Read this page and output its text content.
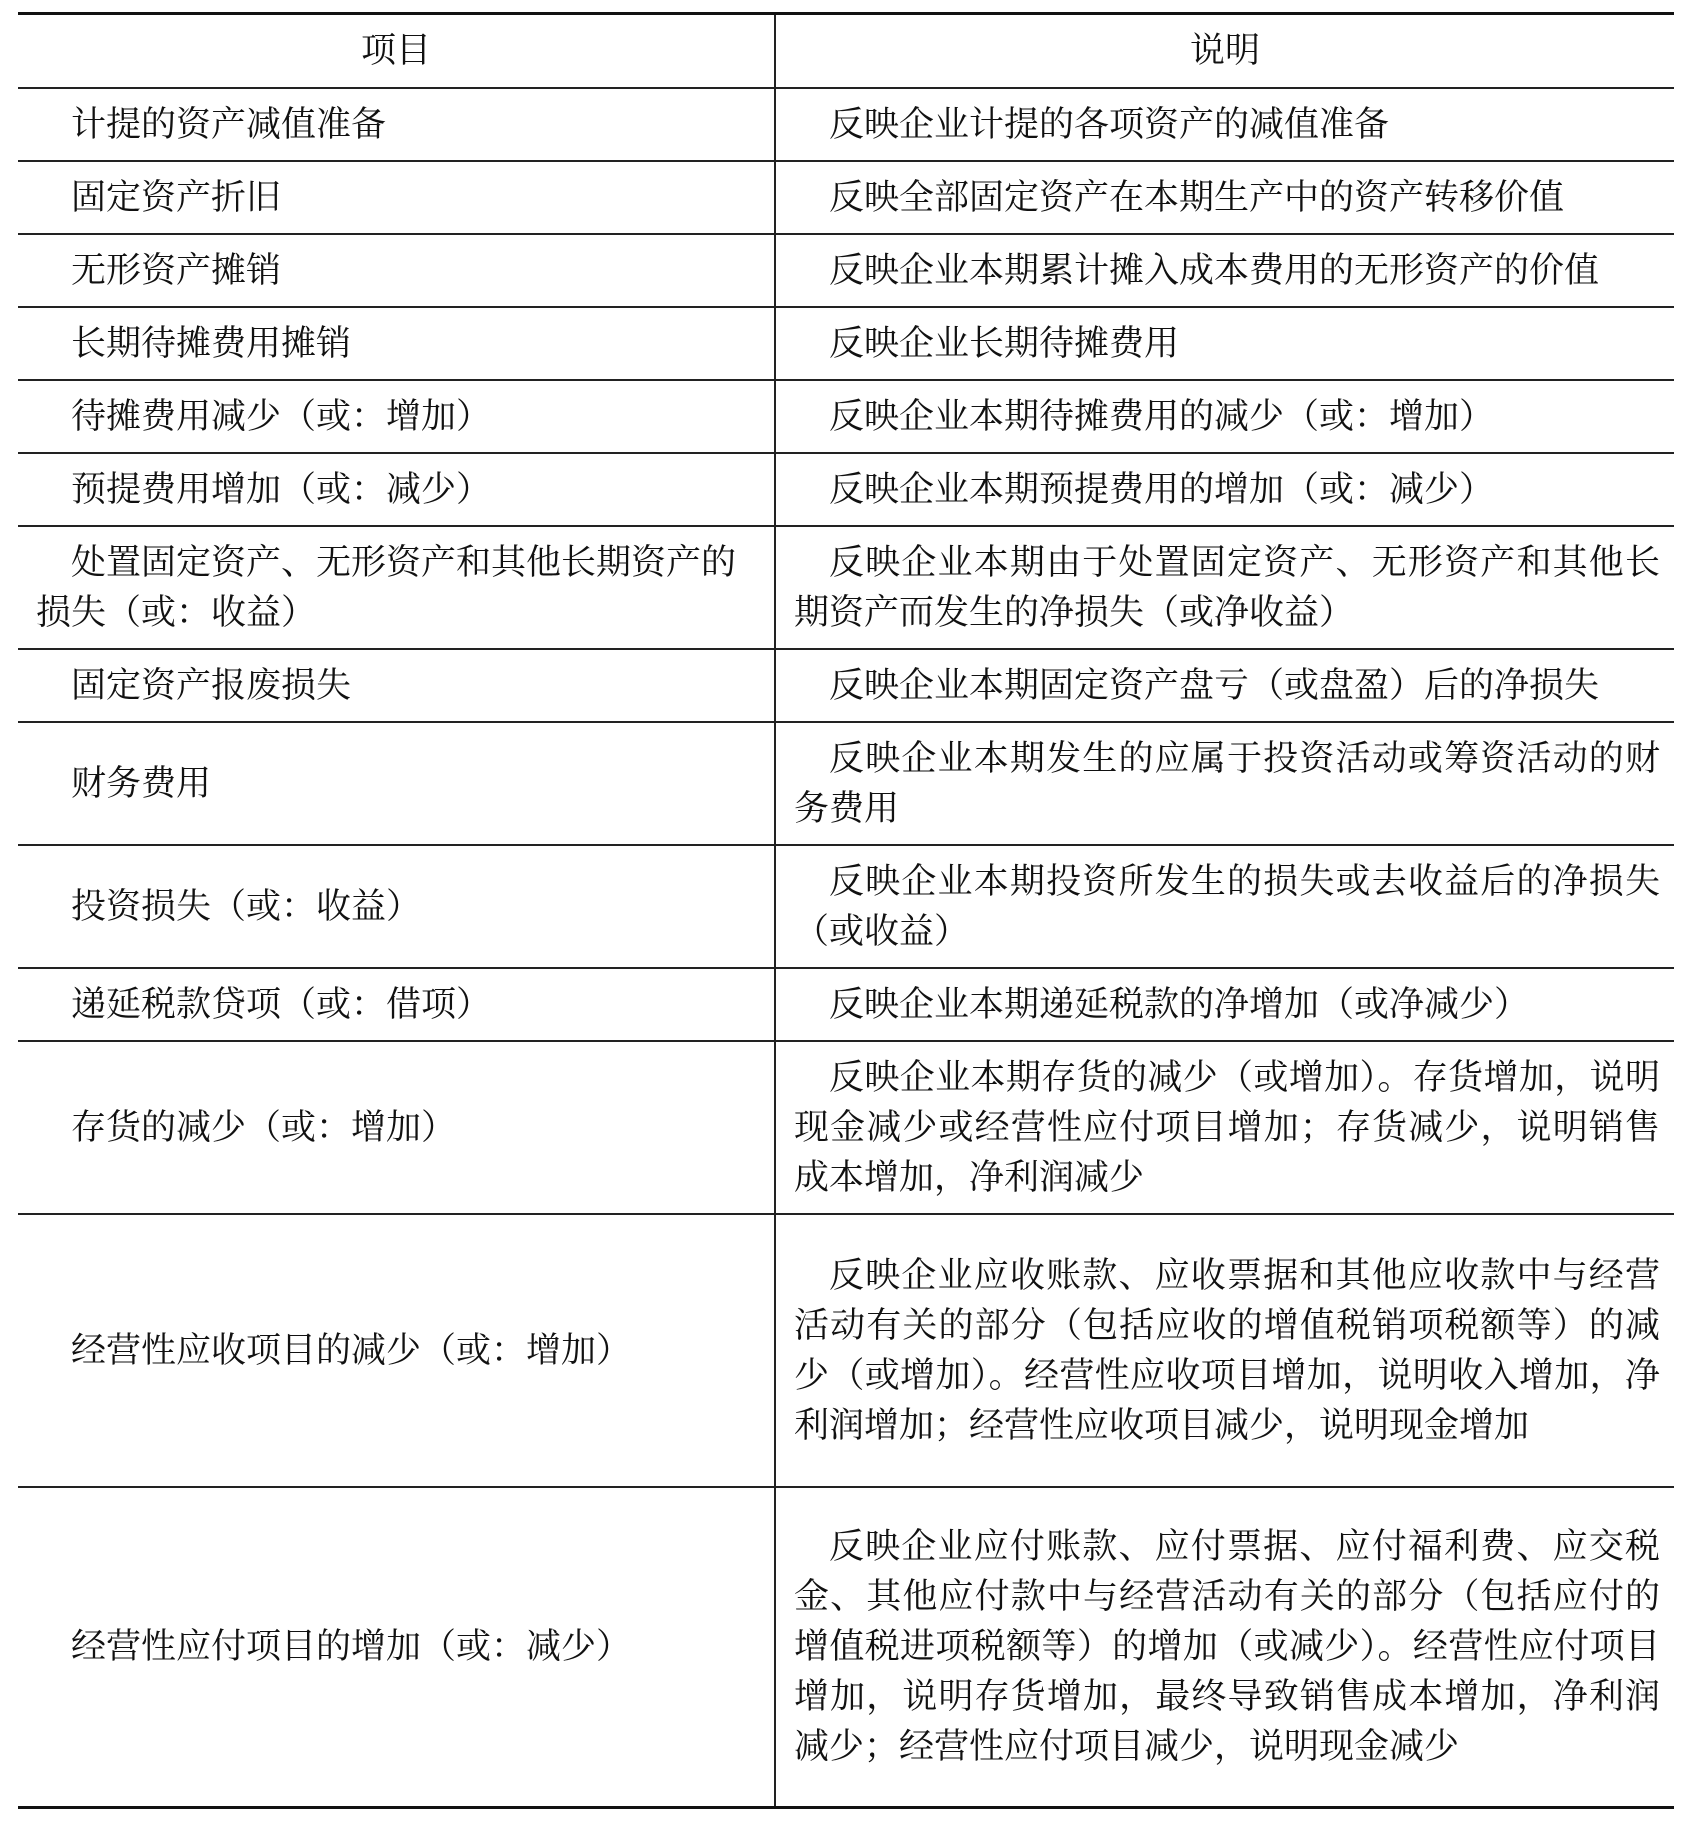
项目	说明
计提的资产减值准备	反映企业计提的各项资产的减值准备
固定资产折旧	反映全部固定资产在本期生产中的资产转移价值
无形资产摊销	反映企业本期累计摊入成本费用的无形资产的价值
长期待摊费用摊销	反映企业长期待摊费用
待摊费用减少（或：增加）	反映企业本期待摊费用的减少（或：增加）
预提费用增加（或：减少）	反映企业本期预提费用的增加（或：减少）
处置固定资产、无形资产和其他长期资产的损失（或：收益）	反映企业本期由于处置固定资产、无形资产和其他长期资产而发生的净损失（或净收益）
固定资产报废损失	反映企业本期固定资产盘亏（或盘盈）后的净损失
财务费用	反映企业本期发生的应属于投资活动或筹资活动的财务费用
投资损失（或：收益）	反映企业本期投资所发生的损失或去收益后的净损失（或收益）
递延税款贷项（或：借项）	反映企业本期递延税款的净增加（或净减少）
存货的减少（或：增加）	反映企业本期存货的减少（或增加）。存货增加，说明现金减少或经营性应付项目增加；存货减少，说明销售成本增加，净利润减少
经营性应收项目的减少（或：增加）	反映企业应收账款、应收票据和其他应收款中与经营活动有关的部分（包括应收的增值税销项税额等）的减少（或增加）。经营性应收项目增加，说明收入增加，净利润增加；经营性应收项目减少，说明现金增加
经营性应付项目的增加（或：减少）	反映企业应付账款、应付票据、应付福利费、应交税金、其他应付款中与经营活动有关的部分（包括应付的增值税进项税额等）的增加（或减少）。经营性应付项目增加，说明存货增加，最终导致销售成本增加，净利润减少；经营性应付项目减少，说明现金减少
